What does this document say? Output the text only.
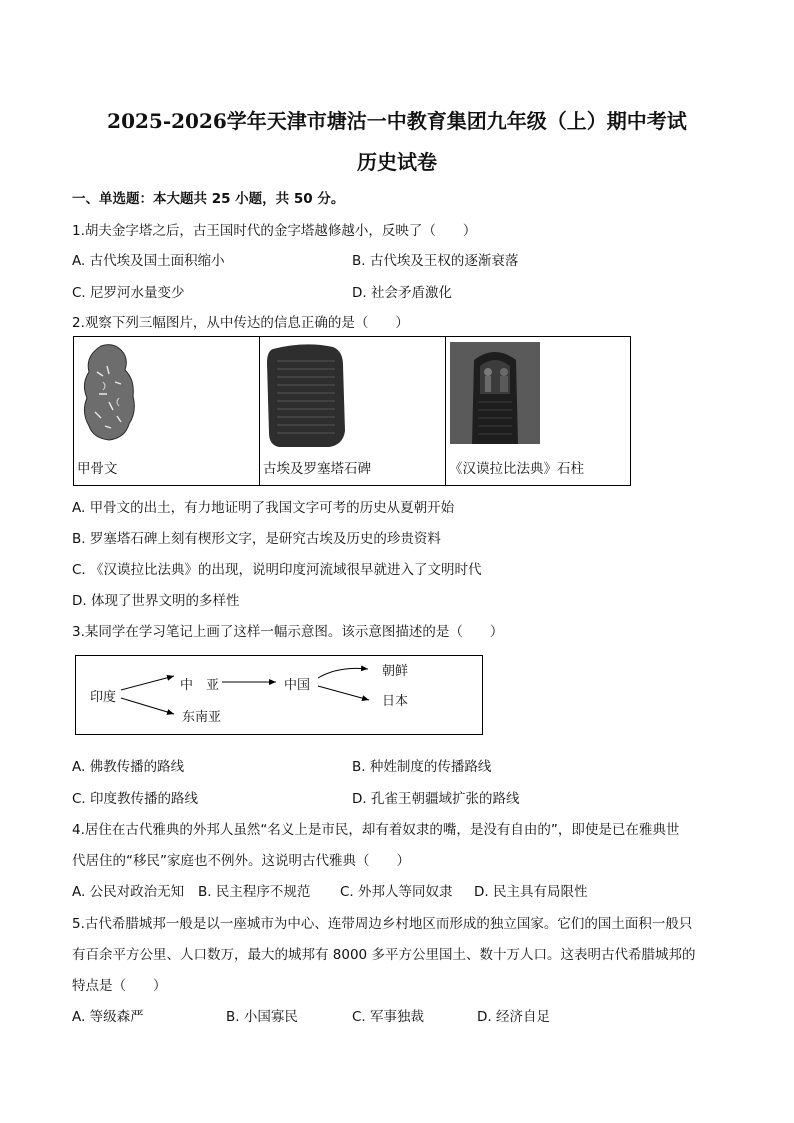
2025-2026学年天津市塘沽一中教育集团九年级（上）期中考试
历史试卷
一、单选题：本大题共 25 小题，共 50 分。
1.胡夫金字塔之后，古王国时代的金字塔越修越小，反映了（　　）
A. 古代埃及国土面积缩小	B. 古代埃及王权的逐渐衰落
C. 尼罗河水量变少	D. 社会矛盾激化
2.观察下列三幅图片，从中传达的信息正确的是（　　）
甲骨文	古埃及罗塞塔石碑	《汉谟拉比法典》石柱
A. 甲骨文的出土，有力地证明了我国文字可考的历史从夏朝开始
B. 罗塞塔石碑上刻有楔形文字，是研究古埃及历史的珍贵资料
C. 《汉谟拉比法典》的出现，说明印度河流域很早就进入了文明时代
D. 体现了世界文明的多样性
3.某同学在学习笔记上画了这样一幅示意图。该示意图描述的是（　　）
印度
中　亚
东南亚
中国
朝鲜
日本
A. 佛教传播的路线	B. 种姓制度的传播路线
C. 印度教传播的路线	D. 孔雀王朝疆域扩张的路线
4.居住在古代雅典的外邦人虽然“名义上是市民，却有着奴隶的嘴，是没有自由的”，即使是已在雅典世
代居住的“移民”家庭也不例外。这说明古代雅典（　　）
A. 公民对政治无知 B. 民主程序不规范 C. 外邦人等同奴隶 D. 民主具有局限性
5.古代希腊城邦一般是以一座城市为中心、连带周边乡村地区而形成的独立国家。它们的国土面积一般只
有百余平方公里、人口数万，最大的城邦有 8000 多平方公里国土、数十万人口。这表明古代希腊城邦的
特点是（　　）
A. 等级森严	B. 小国寡民	C. 军事独裁	D. 经济自足
